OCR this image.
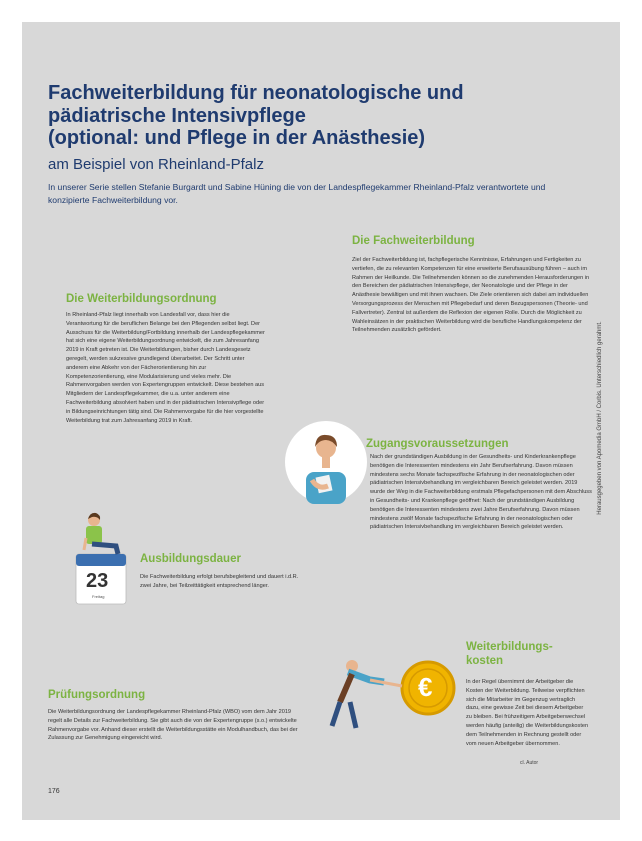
Fachweiterbildung für neonatologische und
pädiatrische Intensivpflege
(optional: und Pflege in der Anästhesie)

am Beispiel von Rheinland-Pfalz

In unserer Serie stellen Stefanie Burgardt und Sabine Hüning die von der Landespflegekammer Rheinland-Pfalz verantwortete und konzipierte Fachweiterbildung vor.

Die Fachweiterbildung

Ziel der Fachweiterbildung ist, fachpflegerische Kenntnisse, Erfahrungen und Fertigkeiten zu vertiefen, die zu relevanten Kompetenzen für eine erweiterte Berufsausübung führen – auch im Rahmen der Heilkunde. Die Teilnehmenden können so die zunehmenden Herausforderungen in den Bereichen der pädiatrischen Intensivpflege, der Neonatologie und der Pflege in der Anästhesie bewältigen und mit ihnen wachsen. Die Ziele orientieren sich dabei am individuellen Versorgungsprozess der Menschen mit Pflegebedarf und deren Bezugspersonen (Theorie- und Fallvertreter). Zentral ist außerdem die Reflexion der eigenen Rolle. Durch die Möglichkeit zu Wahleinsätzen in der praktischen Weiterbildung wird die berufliche Handlungskompetenz der Teilnehmenden zusätzlich gefördert.

Die Weiterbildungsordnung

In Rheinland-Pfalz liegt innerhalb von Landesfall vor, dass hier die Verantwortung für die beruflichen Belange bei den Pflegenden selbst liegt. Der Ausschuss für die Weiterbildung/Fortbildung innerhalb der Landespflegekammer hat sich eine eigene Weiterbildungsordnung entwickelt, die zum Jahresanfang 2019 in Kraft getreten ist. Die Weiterbildungen, bisher durch Landesgesetz geregelt, werden sukzessive grundlegend überarbeitet. Der Schritt unter anderem eine Abkehr von der Fächerorientierung hin zur Kompetenzorientierung, eine Modularisierung und vieles mehr. Die Rahmenvorgaben werden von Expertengruppen entwickelt. Diese bestehen aus Mitgliedern der Landespflegekammer, die u.a. unter anderem eine Fachweiterbildung absolviert haben und in der pädiatrischen Intensivpflege oder in Bildungseinrichtungen tätig sind. Die Rahmenvorgabe für die hier vorgestellte Weiterbildung trat zum Jahresanfang 2019 in Kraft.

Zugangsvoraussetzungen

Nach der grundständigen Ausbildung in der Gesundheits- und Kinderkrankenpflege benötigen die Interessenten mindestens ein Jahr Berufserfahrung. Davon müssen mindestens sechs Monate fachspezifische Erfahrung in der neonatologischen oder pädiatrischen Intensivbehandlung im vergleichbaren Bereich geleistet werden. 2019 wurde der Weg in die Fachweiterbildung erstmals Pflegefachpersonen mit dem Abschluss in Gesundheits- und Krankenpflege geöffnet: Nach der grundständigen Ausbildung benötigen die Interessenten mindestens zwei Jahre Berufserfahrung. Davon müssen mindestens zwölf Monate fachspezifische Erfahrung in der neonatologischen oder pädiatrischen Intensivbehandlung im vergleichbaren Bereich geleistet werden.

23
Freitag
Ausbildungsdauer

Die Fachweiterbildung erfolgt berufsbegleitend und dauert i.d.R. zwei Jahre, bei Teilzeittätigkeit entsprechend länger.

Weiterbildungs-
kosten
€	In der Regel übernimmt der Arbeitgeber die Kosten der Weiterbildung. Teilweise verpflichten sich die Mitarbeiter im Gegenzug vertraglich dazu, eine gewisse Zeit bei diesem Arbeitgeber zu bleiben. Bei frühzeitigem Arbeitgeberwechsel werden häufig (anteilig) die Weiterbildungskosten dem Teilnehmenden in Rechnung gestellt oder vom neuen Arbeitgeber übernommen.

Prüfungsordnung

Die Weiterbildungsordnung der Landespflegekammer Rheinland-Pfalz (WBO) vom dem Jahr 2019 regelt alle Details zur Fachweiterbildung. Sie gibt auch die von der Expertengruppe (s.o.) entwickelte Rahmenvorgabe vor. Anhand dieser erstellt die Weiterbildungsstätte ein Modulhandbuch, das bei der Zulassung zur Genehmigung eingereicht wird.

Herausgegeben von Apomedia GmbH / Corbis. Unterschiedlich gerahmt.
176
cl. Autor
